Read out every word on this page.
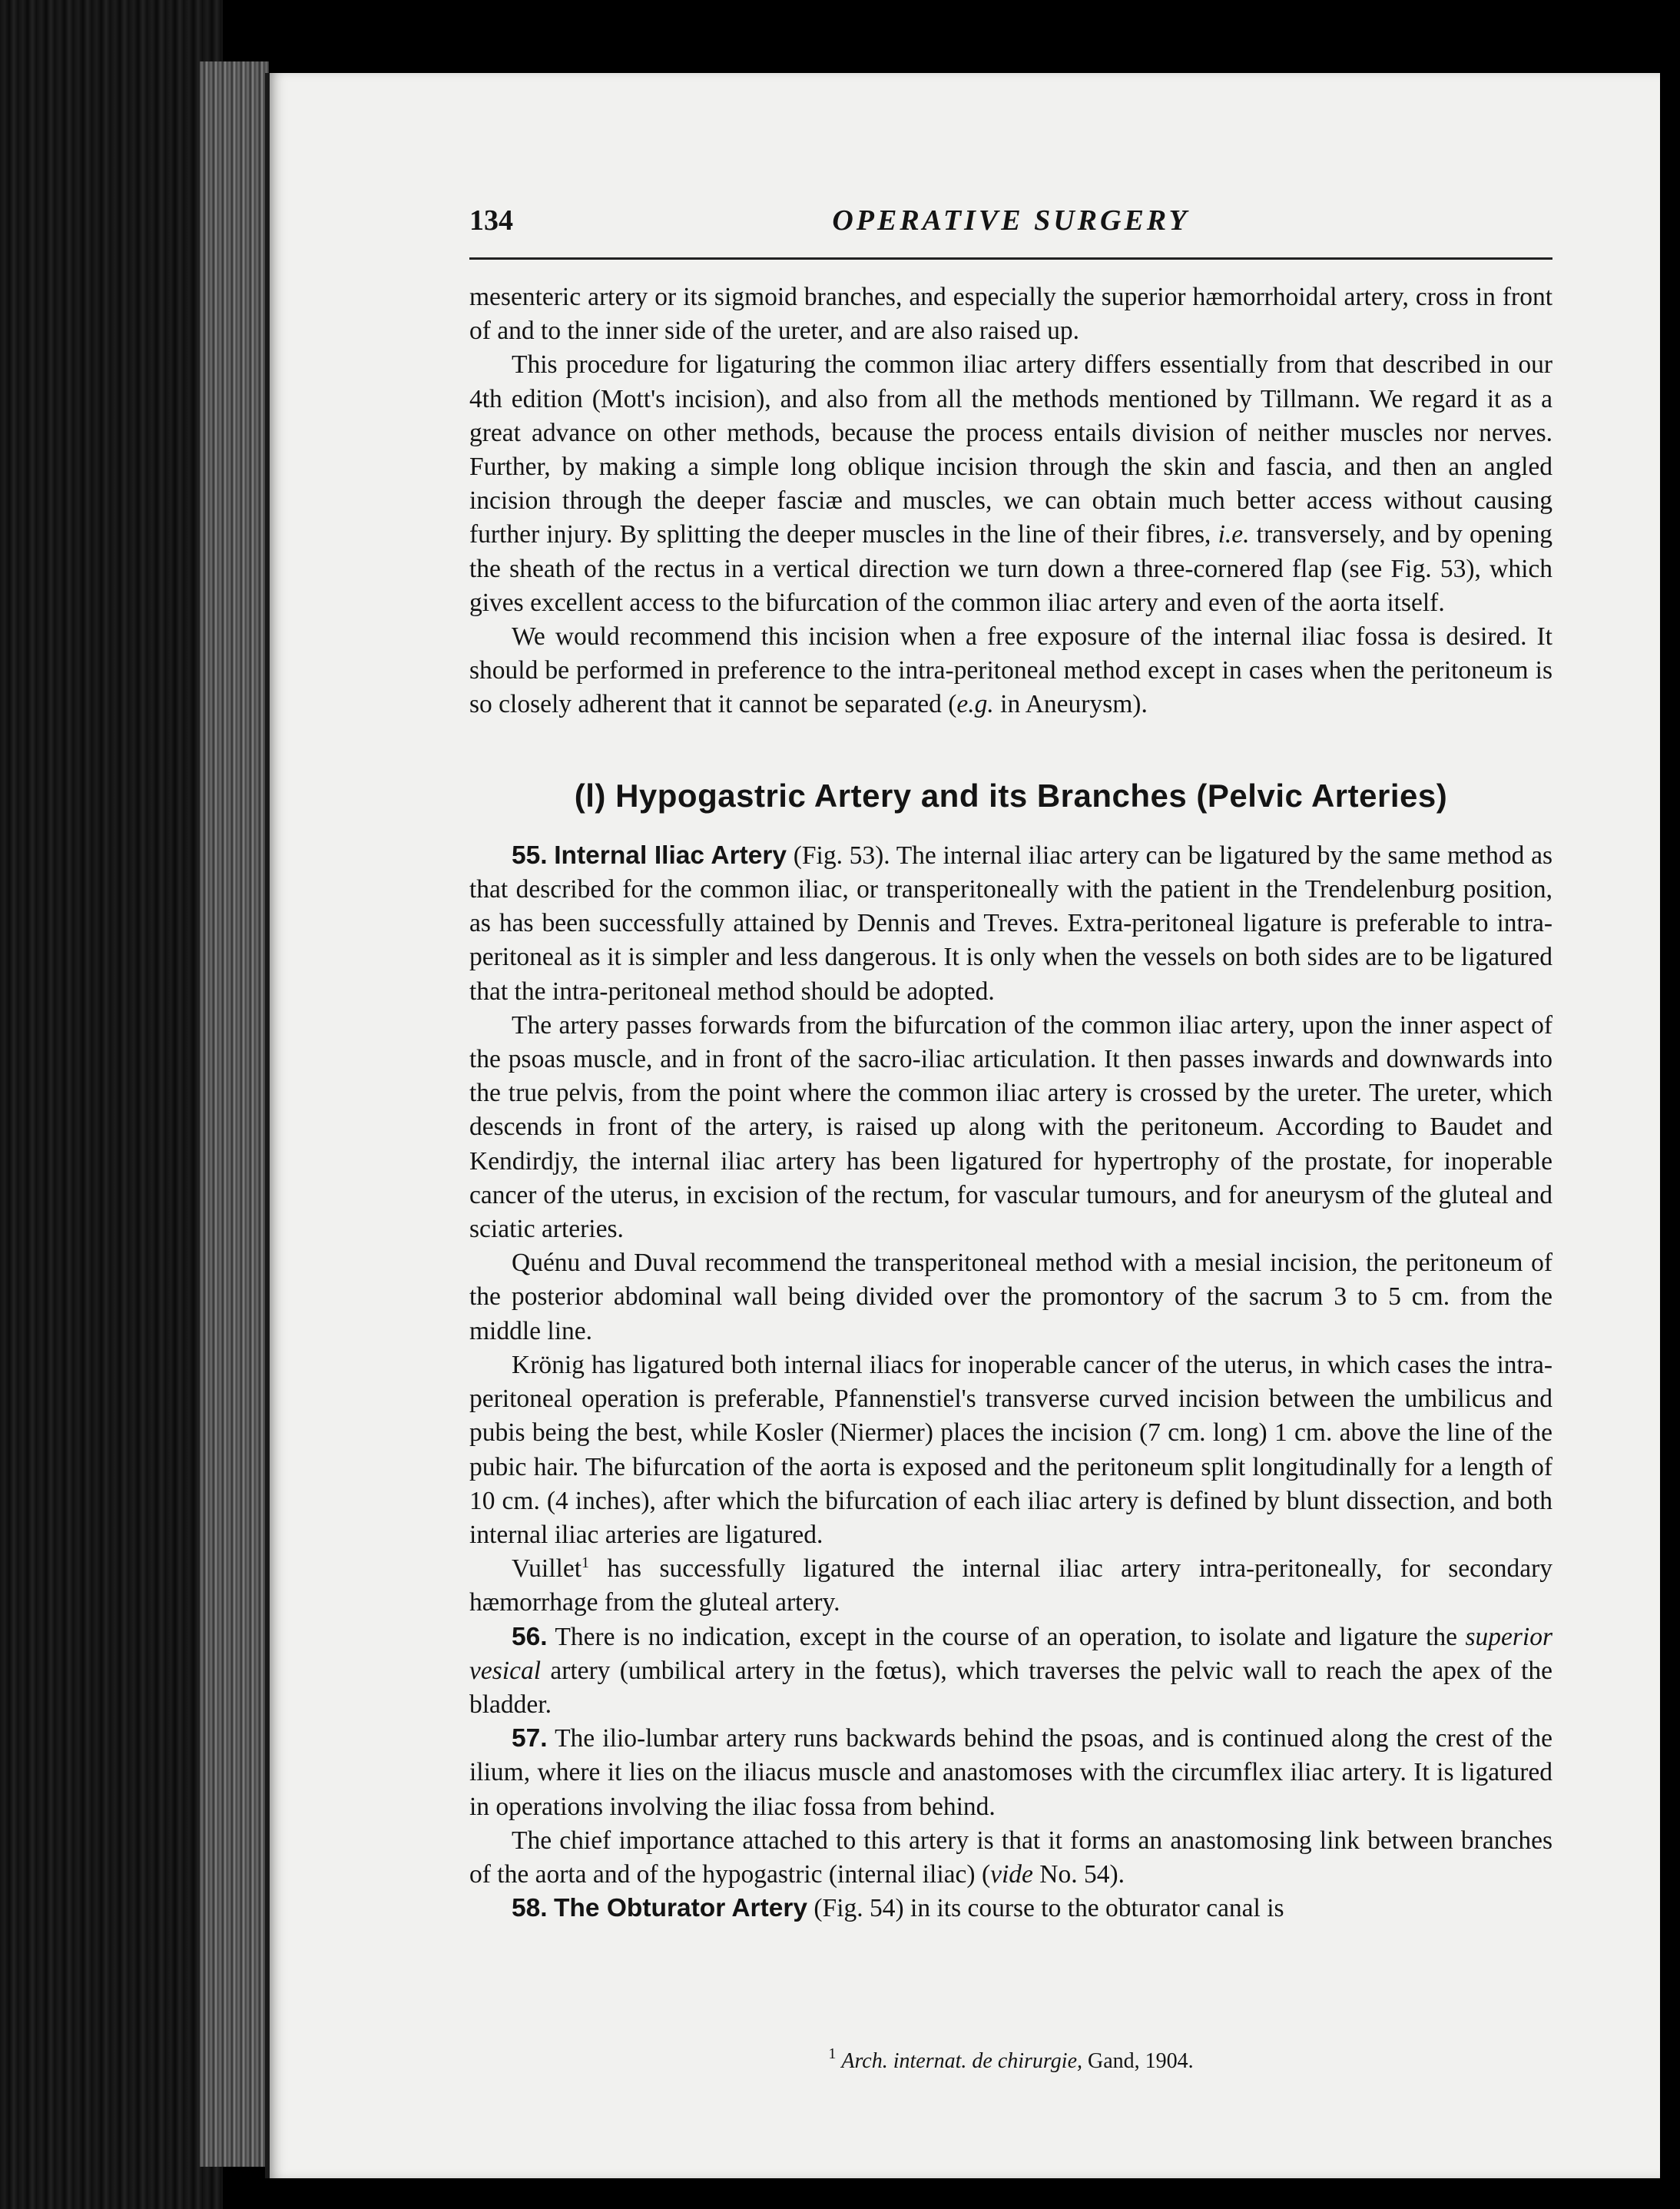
134	OPERATIVE SURGERY

mesenteric artery or its sigmoid branches, and especially the superior hæmorrhoidal artery, cross in front of and to the inner side of the ureter, and are also raised up.

This procedure for ligaturing the common iliac artery differs essentially from that described in our 4th edition (Mott's incision), and also from all the methods mentioned by Tillmann. We regard it as a great advance on other methods, because the process entails division of neither muscles nor nerves. Further, by making a simple long oblique incision through the skin and fascia, and then an angled incision through the deeper fasciæ and muscles, we can obtain much better access without causing further injury. By splitting the deeper muscles in the line of their fibres, i.e. transversely, and by opening the sheath of the rectus in a vertical direction we turn down a three-cornered flap (see Fig. 53), which gives excellent access to the bifurcation of the common iliac artery and even of the aorta itself.

We would recommend this incision when a free exposure of the internal iliac fossa is desired. It should be performed in preference to the intra-peritoneal method except in cases when the peritoneum is so closely adherent that it cannot be separated (e.g. in Aneurysm).

(l) Hypogastric Artery and its Branches (Pelvic Arteries)

55. Internal Iliac Artery (Fig. 53). The internal iliac artery can be ligatured by the same method as that described for the common iliac, or transperitoneally with the patient in the Trendelenburg position, as has been successfully attained by Dennis and Treves. Extra-peritoneal ligature is preferable to intra-peritoneal as it is simpler and less dangerous. It is only when the vessels on both sides are to be ligatured that the intra-peritoneal method should be adopted.

The artery passes forwards from the bifurcation of the common iliac artery, upon the inner aspect of the psoas muscle, and in front of the sacro-iliac articulation. It then passes inwards and downwards into the true pelvis, from the point where the common iliac artery is crossed by the ureter. The ureter, which descends in front of the artery, is raised up along with the peritoneum. According to Baudet and Kendirdjy, the internal iliac artery has been ligatured for hypertrophy of the prostate, for inoperable cancer of the uterus, in excision of the rectum, for vascular tumours, and for aneurysm of the gluteal and sciatic arteries.

Quénu and Duval recommend the transperitoneal method with a mesial incision, the peritoneum of the posterior abdominal wall being divided over the promontory of the sacrum 3 to 5 cm. from the middle line.

Krönig has ligatured both internal iliacs for inoperable cancer of the uterus, in which cases the intra-peritoneal operation is preferable, Pfannenstiel's transverse curved incision between the umbilicus and pubis being the best, while Kosler (Niermer) places the incision (7 cm. long) 1 cm. above the line of the pubic hair. The bifurcation of the aorta is exposed and the peritoneum split longitudinally for a length of 10 cm. (4 inches), after which the bifurcation of each iliac artery is defined by blunt dissection, and both internal iliac arteries are ligatured.

Vuillet$^1$ has successfully ligatured the internal iliac artery intra-peritoneally, for secondary hæmorrhage from the gluteal artery.

56. There is no indication, except in the course of an operation, to isolate and ligature the superior vesical artery (umbilical artery in the fœtus), which traverses the pelvic wall to reach the apex of the bladder.

57. The ilio-lumbar artery runs backwards behind the psoas, and is continued along the crest of the ilium, where it lies on the iliacus muscle and anastomoses with the circumflex iliac artery. It is ligatured in operations involving the iliac fossa from behind.

The chief importance attached to this artery is that it forms an anastomosing link between branches of the aorta and of the hypogastric (internal iliac) (vide No. 54).

58. The Obturator Artery (Fig. 54) in its course to the obturator canal is

$^1$ Arch. internat. de chirurgie, Gand, 1904.
